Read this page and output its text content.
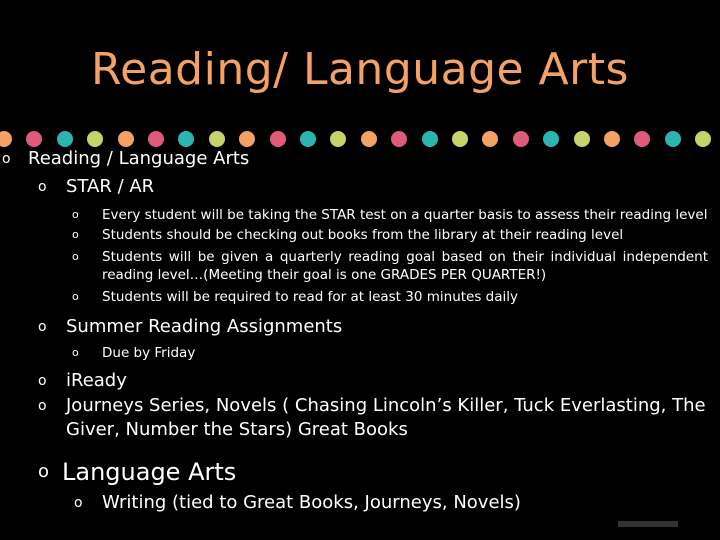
Reading/ Language Arts
o Reading / Language Arts
o STAR / AR
o Every student will be taking the STAR test on a quarter basis to assess their reading level
o Students should be checking out books from the library at their reading level
o Students will be given a quarterly reading goal based on their individual independent reading level…(Meeting their goal is one GRADES PER QUARTER!)
o Students will be required to read for at least 30 minutes daily
o Summer Reading Assignments
o Due by Friday
o iReady
o Journeys Series, Novels ( Chasing Lincoln’s Killer, Tuck Everlasting, The Giver, Number the Stars) Great Books
o Language Arts
o Writing (tied to Great Books, Journeys, Novels)
